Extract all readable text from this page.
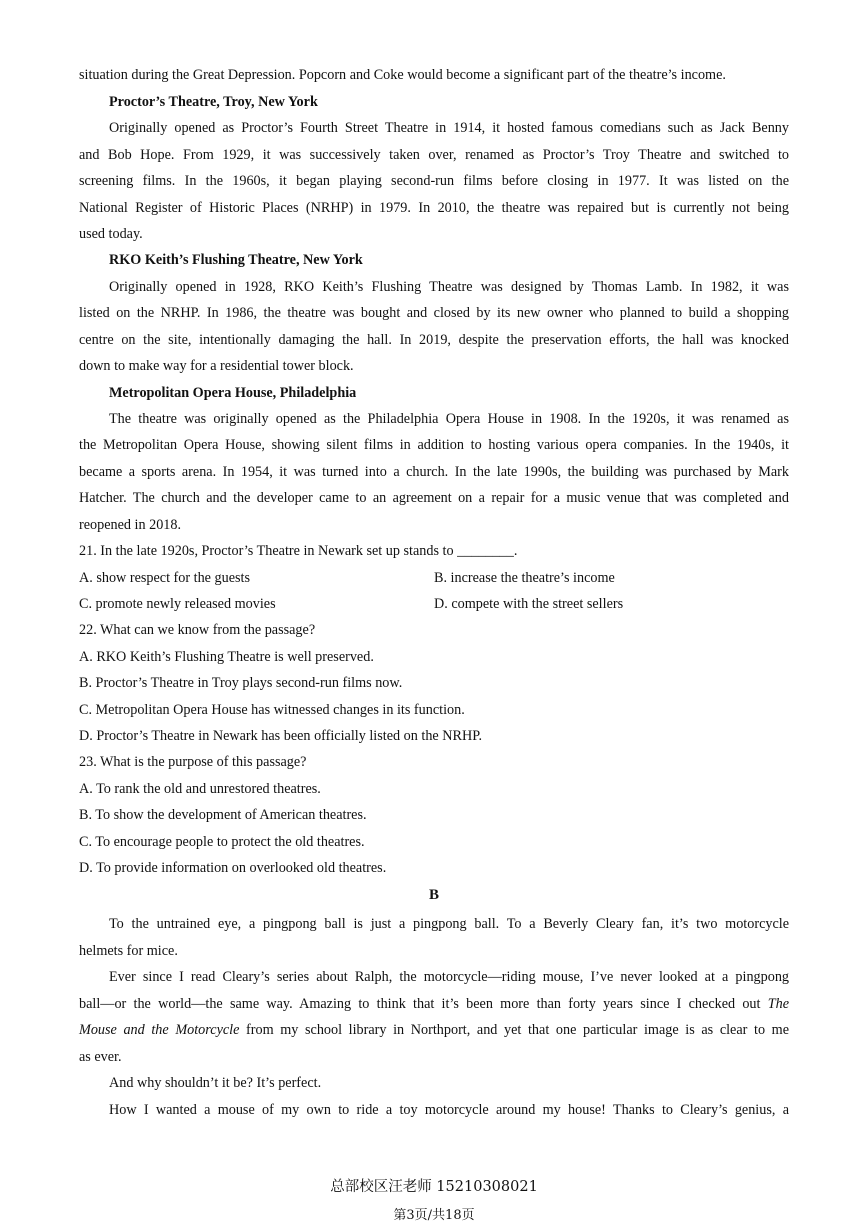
situation during the Great Depression. Popcorn and Coke would become a significant part of the theatre’s income.
Proctor’s Theatre, Troy, New York
Originally opened as Proctor’s Fourth Street Theatre in 1914, it hosted famous comedians such as Jack Benny
and Bob Hope. From 1929, it was successively taken over, renamed as Proctor’s Troy Theatre and switched to
screening films. In the 1960s, it began playing second-run films before closing in 1977. It was listed on the
National Register of Historic Places (NRHP) in 1979. In 2010, the theatre was repaired but is currently not being
used today.
RKO Keith’s Flushing Theatre, New York
Originally opened in 1928, RKO Keith’s Flushing Theatre was designed by Thomas Lamb. In 1982, it was
listed on the NRHP. In 1986, the theatre was bought and closed by its new owner who planned to build a shopping
centre on the site, intentionally damaging the hall. In 2019, despite the preservation efforts, the hall was knocked
down to make way for a residential tower block.
Metropolitan Opera House, Philadelphia
The theatre was originally opened as the Philadelphia Opera House in 1908. In the 1920s, it was renamed as
the Metropolitan Opera House, showing silent films in addition to hosting various opera companies. In the 1940s, it
became a sports arena. In 1954, it was turned into a church. In the late 1990s, the building was purchased by Mark
Hatcher. The church and the developer came to an agreement on a repair for a music venue that was completed and
reopened in 2018.
21. In the late 1920s, Proctor’s Theatre in Newark set up stands to ________.
A. show respect for the guests	B. increase the theatre’s income
C. promote newly released movies	D. compete with the street sellers
22. What can we know from the passage?
A. RKO Keith’s Flushing Theatre is well preserved.
B. Proctor’s Theatre in Troy plays second-run films now.
C. Metropolitan Opera House has witnessed changes in its function.
D. Proctor’s Theatre in Newark has been officially listed on the NRHP.
23. What is the purpose of this passage?
A. To rank the old and unrestored theatres.
B. To show the development of American theatres.
C. To encourage people to protect the old theatres.
D. To provide information on overlooked old theatres.
B
To the untrained eye, a pingpong ball is just a pingpong ball. To a Beverly Cleary fan, it’s two motorcycle
helmets for mice.
Ever since I read Cleary’s series about Ralph, the motorcycle—riding mouse, I’ve never looked at a pingpong
ball—or the world—the same way. Amazing to think that it’s been more than forty years since I checked out The
Mouse and the Motorcycle from my school library in Northport, and yet that one particular image is as clear to me
as ever.
And why shouldn’t it be? It’s perfect.
How I wanted a mouse of my own to ride a toy motorcycle around my house! Thanks to Cleary’s genius, a
总部校区汪老师 15210308021
第3页/共18页
